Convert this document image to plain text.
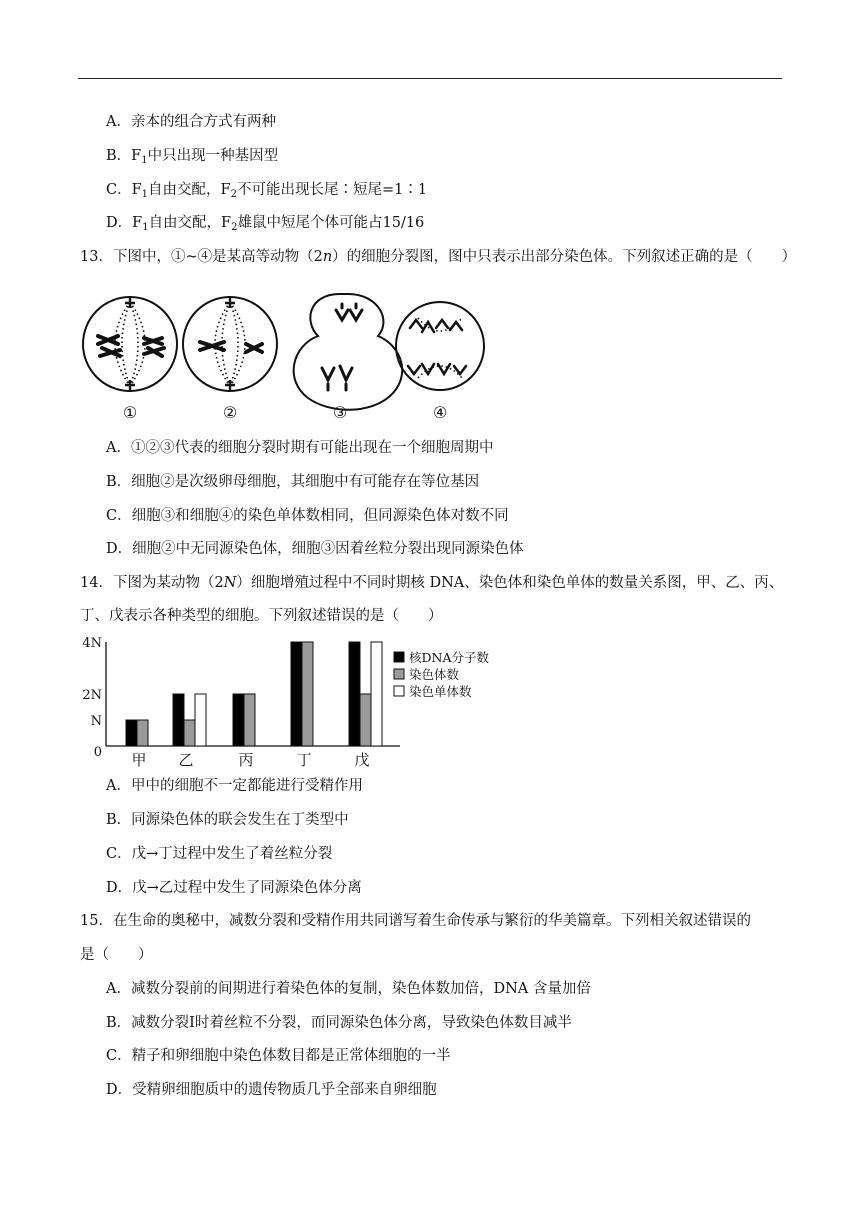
A．亲本的组合方式有两种
B．$F_1$中只出现一种基因型
C．$F_1$自由交配，$F_2$不可能出现长尾∶短尾=1∶1
D．$F_1$自由交配，$F_2$雄鼠中短尾个体可能占15/16
13．下图中，①~④是某高等动物（2n）的细胞分裂图，图中只表示出部分染色体。下列叙述正确的是（　　）
①	②	③	④
A．①②③代表的细胞分裂时期有可能出现在一个细胞周期中
B．细胞②是次级卵母细胞，其细胞中有可能存在等位基因
C．细胞③和细胞④的染色单体数相同，但同源染色体对数不同
D．细胞②中无同源染色体，细胞③因着丝粒分裂出现同源染色体
14．下图为某动物（2N）细胞增殖过程中不同时期核 DNA、染色体和染色单体的数量关系图，甲、乙、丙、
丁、戊表示各种类型的细胞。下列叙述错误的是（　　）
0
N
2N
4N
甲 乙	丙	丁	戊
核DNA分子数
染色体数
染色单体数
A．甲中的细胞不一定都能进行受精作用
B．同源染色体的联会发生在丁类型中
C．戊→丁过程中发生了着丝粒分裂
D．戊→乙过程中发生了同源染色体分离
15．在生命的奥秘中，减数分裂和受精作用共同谱写着生命传承与繁衍的华美篇章。下列相关叙述错误的
是（　　）
A．减数分裂前的间期进行着染色体的复制，染色体数加倍，DNA 含量加倍
B．减数分裂Ⅰ时着丝粒不分裂，而同源染色体分离，导致染色体数目减半
C．精子和卵细胞中染色体数目都是正常体细胞的一半
D．受精卵细胞质中的遗传物质几乎全部来自卵细胞
